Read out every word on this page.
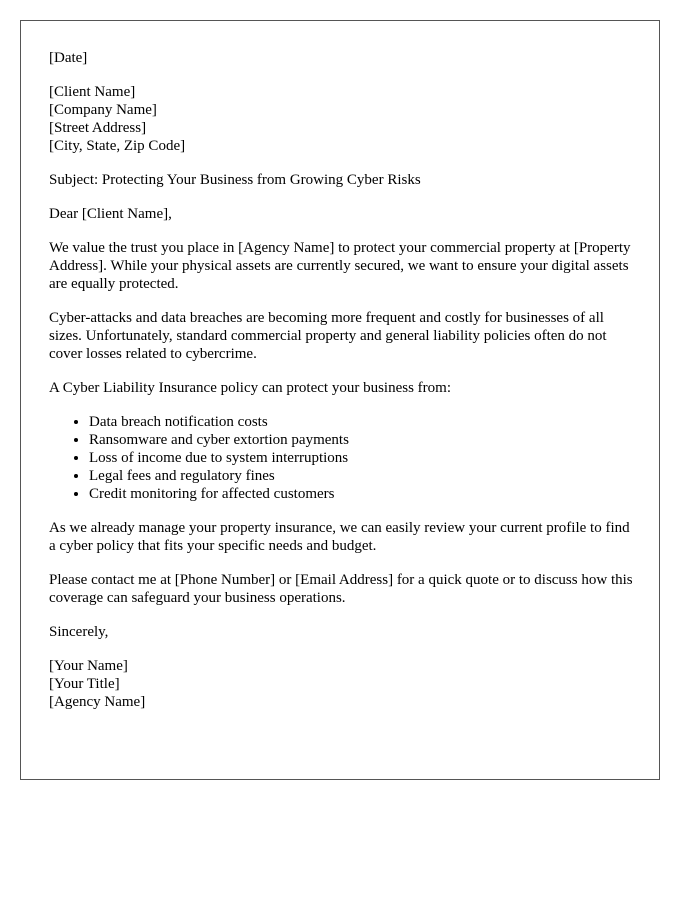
[Date]

[Client Name]
[Company Name]
[Street Address]
[City, State, Zip Code]

Subject: Protecting Your Business from Growing Cyber Risks

Dear [Client Name],

We value the trust you place in [Agency Name] to protect your commercial property at [Property Address]. While your physical assets are currently secured, we want to ensure your digital assets are equally protected.

Cyber-attacks and data breaches are becoming more frequent and costly for businesses of all sizes. Unfortunately, standard commercial property and general liability policies often do not cover losses related to cybercrime.

A Cyber Liability Insurance policy can protect your business from:

• Data breach notification costs
• Ransomware and cyber extortion payments
• Loss of income due to system interruptions
• Legal fees and regulatory fines
• Credit monitoring for affected customers

As we already manage your property insurance, we can easily review your current profile to find a cyber policy that fits your specific needs and budget.

Please contact me at [Phone Number] or [Email Address] for a quick quote or to discuss how this coverage can safeguard your business operations.

Sincerely,

[Your Name]
[Your Title]
[Agency Name]
